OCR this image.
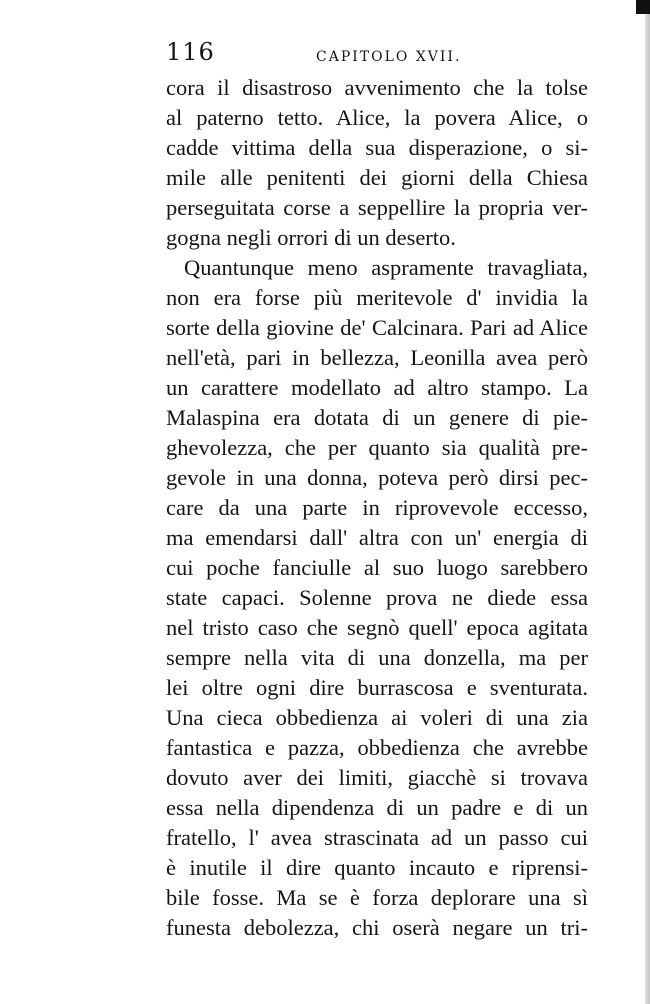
116	CAPITOLO XVII.
cora il disastroso avvenimento che la tolse
al paterno tetto. Alice, la povera Alice, o
cadde vittima della sua disperazione, o si-
mile alle penitenti dei giorni della Chiesa
perseguitata corse a seppellire la propria ver-
gogna negli orrori di un deserto.
Quantunque meno aspramente travagliata,
non era forse più meritevole d' invidia la
sorte della giovine de' Calcinara. Pari ad Alice
nell'età, pari in bellezza, Leonilla avea però
un carattere modellato ad altro stampo. La
Malaspina era dotata di un genere di pie-
ghevolezza, che per quanto sia qualità pre-
gevole in una donna, poteva però dirsi pec-
care da una parte in riprovevole eccesso,
ma emendarsi dall' altra con un' energia di
cui poche fanciulle al suo luogo sarebbero
state capaci. Solenne prova ne diede essa
nel tristo caso che segnò quell' epoca agitata
sempre nella vita di una donzella, ma per
lei oltre ogni dire burrascosa e sventurata.
Una cieca obbedienza ai voleri di una zia
fantastica e pazza, obbedienza che avrebbe
dovuto aver dei limiti, giacchè si trovava
essa nella dipendenza di un padre e di un
fratello, l' avea strascinata ad un passo cui
è inutile il dire quanto incauto e riprensi-
bile fosse. Ma se è forza deplorare una sì
funesta debolezza, chi oserà negare un tri-
